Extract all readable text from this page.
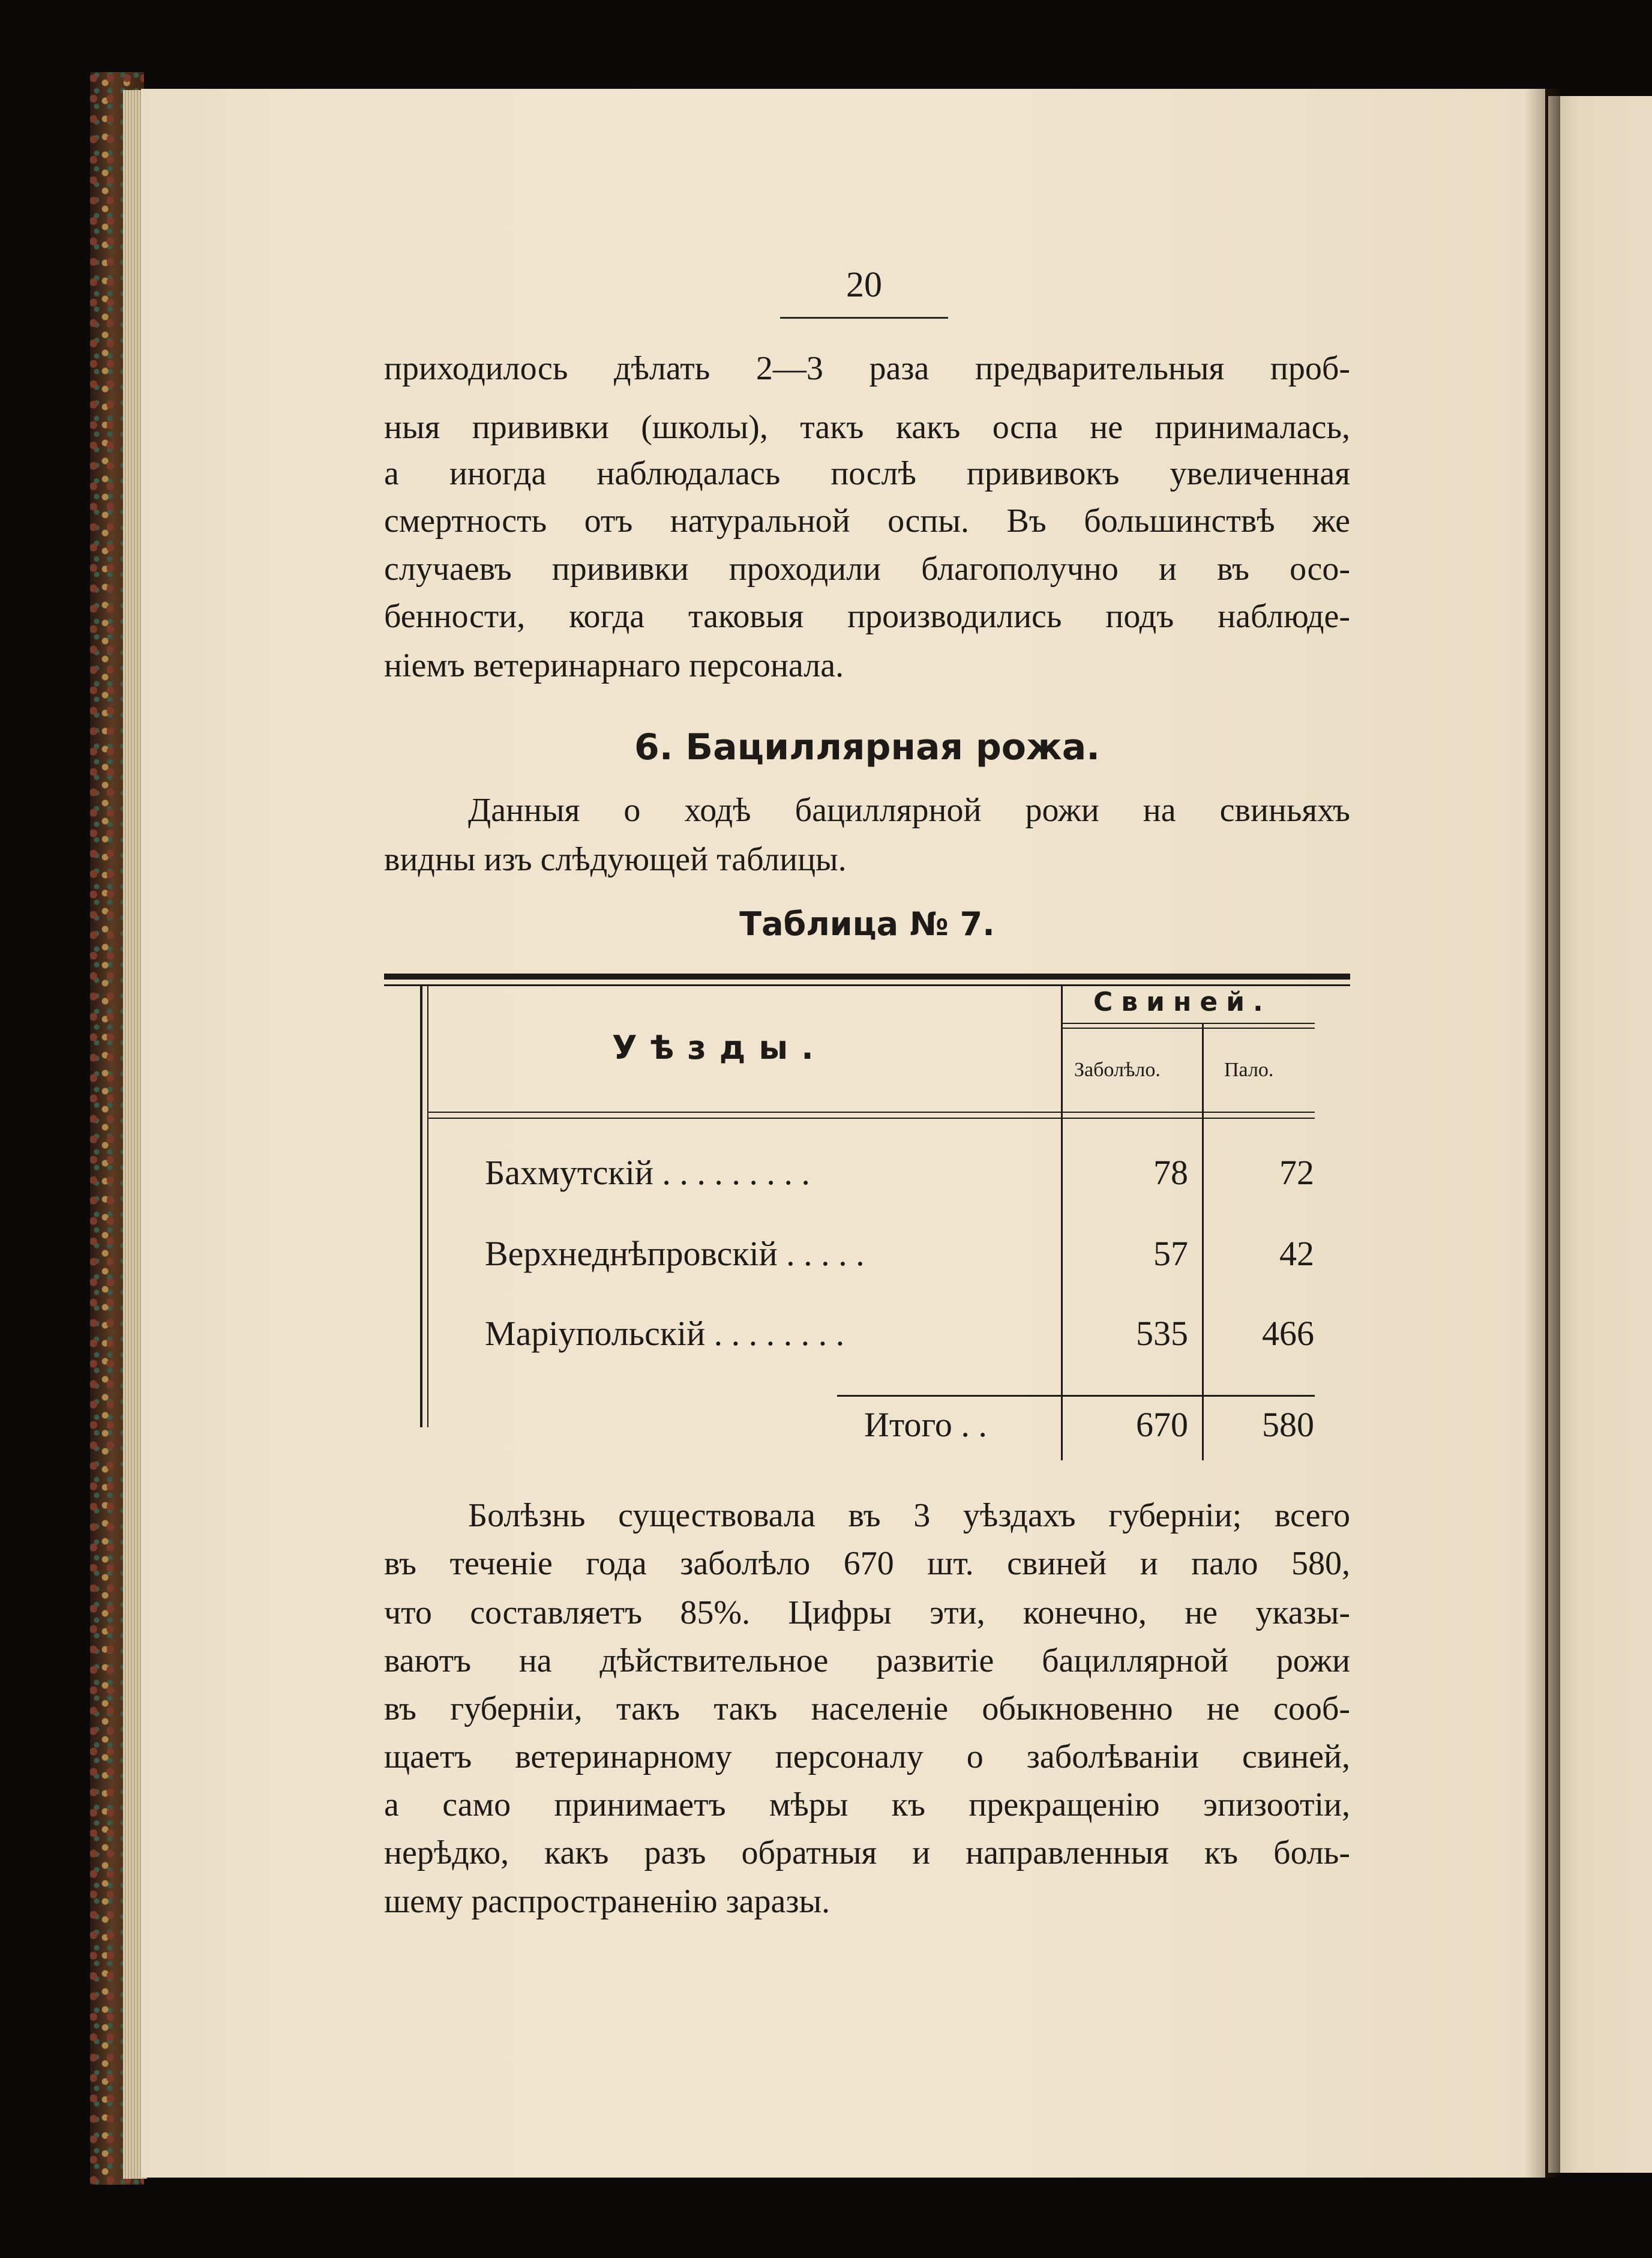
20
приходилось дѣлать 2—3 раза предварительныя проб-
ныя прививки (школы), такъ какъ оспа не принималась,
а иногда наблюдалась послѣ прививокъ увеличенная
смертность отъ натуральной оспы. Въ большинствѣ же
случаевъ прививки проходили благополучно и въ осо-
бенности, когда таковыя производились подъ наблюде-
ніемъ ветеринарнаго персонала.
6. Бациллярная рожа.
Данныя о ходѣ бациллярной рожи на свиньяхъ
видны изъ слѣдующей таблицы.
Таблица № 7.
Уѣзды.
Свиней.
Заболѣло.	Пало.
Бахмутскій . . . . . . . . .	78	72
Верхнеднѣпровскій . . . . .	57	42
Маріупольскій . . . . . . . .	535	466
Итого . .	670	580
Болѣзнь существовала въ 3 уѣздахъ губерніи; всего
въ теченіе года заболѣло 670 шт. свиней и пало 580,
что составляетъ 85%. Цифры эти, конечно, не указы-
ваютъ на дѣйствительное развитіе бациллярной рожи
въ губерніи, такъ такъ населеніе обыкновенно не сооб-
щаетъ ветеринарному персоналу о заболѣваніи свиней,
а само принимаетъ мѣры къ прекращенію эпизоотіи,
нерѣдко, какъ разъ обратныя и направленныя къ боль-
шему распространенію заразы.
